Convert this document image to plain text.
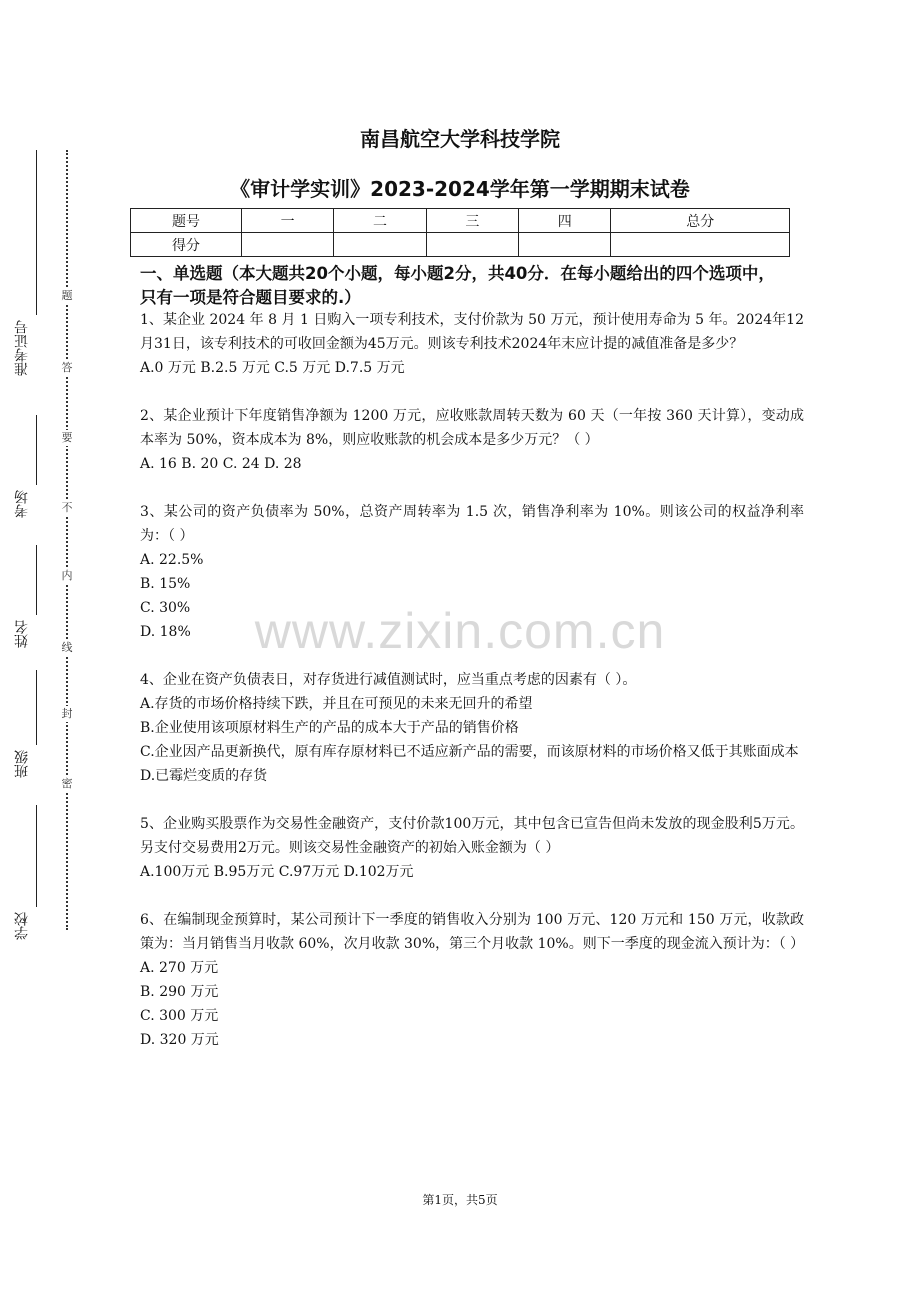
准考证号
考场
姓名
班级
学校
题
答
要
不
内
线
封
密
www.zixin.com.cn
南昌航空大学科技学院
《审计学实训》2023-2024学年第一学期期末试卷
题号	一	二	三	四	总分
得分					
一、单选题（本大题共20个小题，每小题2分，共40分．在每小题给出的四个选项中，只有一项是符合题目要求的.）

1、某企业 2024 年 8 月 1 日购入一项专利技术，支付价款为 50 万元，预计使用寿命为 5 年。2024年12月31日，该专利技术的可收回金额为45万元。则该专利技术2024年末应计提的减值准备是多少？

A.0 万元 B.2.5 万元 C.5 万元 D.7.5 万元

2、某企业预计下年度销售净额为 1200 万元，应收账款周转天数为 60 天（一年按 360 天计算），变动成本率为 50%，资本成本为 8%，则应收账款的机会成本是多少万元？（ ）

A. 16 B. 20 C. 24 D. 28

3、某公司的资产负债率为 50%，总资产周转率为 1.5 次，销售净利率为 10%。则该公司的权益净利率为：（ ）

A. 22.5%

B. 15%

C. 30%

D. 18%

4、企业在资产负债表日，对存货进行减值测试时，应当重点考虑的因素有（ ）。

A.存货的市场价格持续下跌，并且在可预见的未来无回升的希望

B.企业使用该项原材料生产的产品的成本大于产品的销售价格

C.企业因产品更新换代，原有库存原材料已不适应新产品的需要，而该原材料的市场价格又低于其账面成本

D.已霉烂变质的存货

5、企业购买股票作为交易性金融资产，支付价款100万元，其中包含已宣告但尚未发放的现金股利5万元。另支付交易费用2万元。则该交易性金融资产的初始入账金额为（ ）

A.100万元 B.95万元 C.97万元 D.102万元

6、在编制现金预算时，某公司预计下一季度的销售收入分别为 100 万元、120 万元和 150 万元，收款政策为：当月销售当月收款 60%，次月收款 30%，第三个月收款 10%。则下一季度的现金流入预计为：（ ）

A. 270 万元

B. 290 万元

C. 300 万元

D. 320 万元

第1页，共5页
